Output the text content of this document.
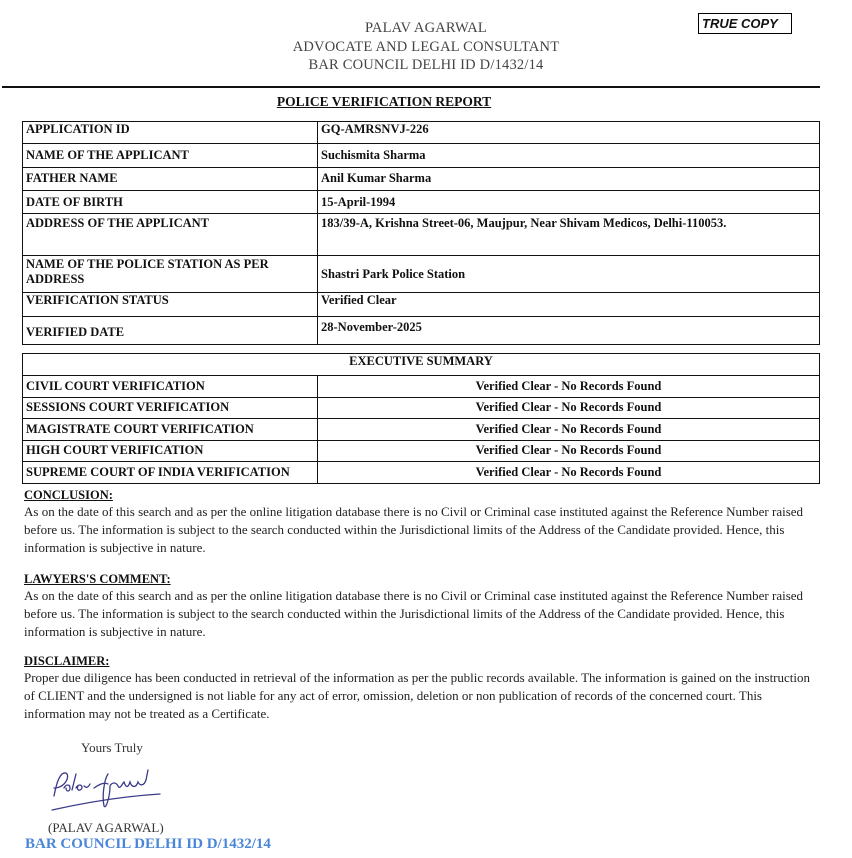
PALAV AGARWAL
ADVOCATE AND LEGAL CONSULTANT
BAR COUNCIL DELHI ID D/1432/14
TRUE COPY
POLICE VERIFICATION REPORT
APPLICATION ID	GQ-AMRSNVJ-226
NAME OF THE APPLICANT	Suchismita Sharma
FATHER NAME	Anil Kumar Sharma
DATE OF BIRTH	15-April-1994
ADDRESS OF THE APPLICANT	183/39-A, Krishna Street-06, Maujpur, Near Shivam Medicos, Delhi-110053.
NAME OF THE POLICE STATION AS PER ADDRESS	Shastri Park Police Station
VERIFICATION STATUS	Verified Clear
VERIFIED DATE	28-November-2025
EXECUTIVE SUMMARY	
CIVIL COURT VERIFICATION	Verified Clear - No Records Found
SESSIONS COURT VERIFICATION	Verified Clear - No Records Found
MAGISTRATE COURT VERIFICATION	Verified Clear - No Records Found
HIGH COURT VERIFICATION	Verified Clear - No Records Found
SUPREME COURT OF INDIA VERIFICATION	Verified Clear - No Records Found
CONCLUSION:
As on the date of this search and as per the online litigation database there is no Civil or Criminal case instituted against the Reference Number raised before us. The information is subject to the search conducted within the Jurisdictional limits of the Address of the Candidate provided. Hence, this information is subjective in nature.
LAWYERS'S COMMENT:
As on the date of this search and as per the online litigation database there is no Civil or Criminal case instituted against the Reference Number raised before us. The information is subject to the search conducted within the Jurisdictional limits of the Address of the Candidate provided. Hence, this information is subjective in nature.
DISCLAIMER:
Proper due diligence has been conducted in retrieval of the information as per the public records available. The information is gained on the instruction of CLIENT and the undersigned is not liable for any act of error, omission, deletion or non publication of records of the concerned court. This information may not be treated as a Certificate.
Yours Truly
(PALAV AGARWAL)
BAR COUNCIL DELHI ID D/1432/14
